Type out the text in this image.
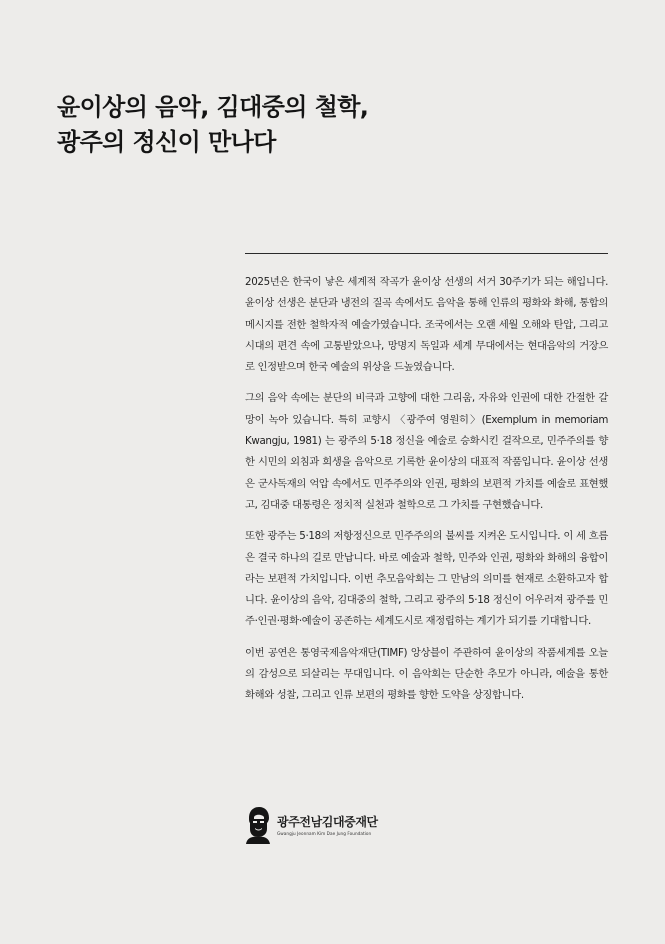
윤이상의 음악, 김대중의 철학,
광주의 정신이 만나다

2025년은 한국이 낳은 세계적 작곡가 윤이상 선생의 서거 30주기가 되는 해입니다. 윤이상 선생은 분단과 냉전의 질곡 속에서도 음악을 통해 인류의 평화와 화해, 통합의 메시지를 전한 철학자적 예술가였습니다. 조국에서는 오랜 세월 오해와 탄압, 그리고 시대의 편견 속에 고통받았으나, 망명지 독일과 세계 무대에서는 현대음악의 거장으로 인정받으며 한국 예술의 위상을 드높였습니다.

그의 음악 속에는 분단의 비극과 고향에 대한 그리움, 자유와 인권에 대한 간절한 갈망이 녹아 있습니다. 특히 교향시 〈광주여 영원히〉(Exemplum in memoriam Kwangju, 1981) 는 광주의 5·18 정신을 예술로 승화시킨 걸작으로, 민주주의를 향한 시민의 외침과 희생을 음악으로 기록한 윤이상의 대표적 작품입니다. 윤이상 선생은 군사독재의 억압 속에서도 민주주의와 인권, 평화의 보편적 가치를 예술로 표현했고, 김대중 대통령은 정치적 실천과 철학으로 그 가치를 구현했습니다.

또한 광주는 5·18의 저항정신으로 민주주의의 불씨를 지켜온 도시입니다. 이 세 흐름은 결국 하나의 길로 만납니다. 바로 예술과 철학, 민주와 인권, 평화와 화해의 융합이라는 보편적 가치입니다. 이번 추모음악회는 그 만남의 의미를 현재로 소환하고자 합니다. 윤이상의 음악, 김대중의 철학, 그리고 광주의 5·18 정신이 어우러져 광주를 민주·인권·평화·예술이 공존하는 세계도시로 재정립하는 계기가 되기를 기대합니다.

이번 공연은 통영국제음악재단(TIMF) 앙상블이 주관하여 윤이상의 작품세계를 오늘의 감성으로 되살리는 무대입니다. 이 음악회는 단순한 추모가 아니라, 예술을 통한 화해와 성찰, 그리고 인류 보편의 평화를 향한 도약을 상징합니다.

광주전남김대중재단
Gwangju Jeonnam Kim Dae Jung Foundation
